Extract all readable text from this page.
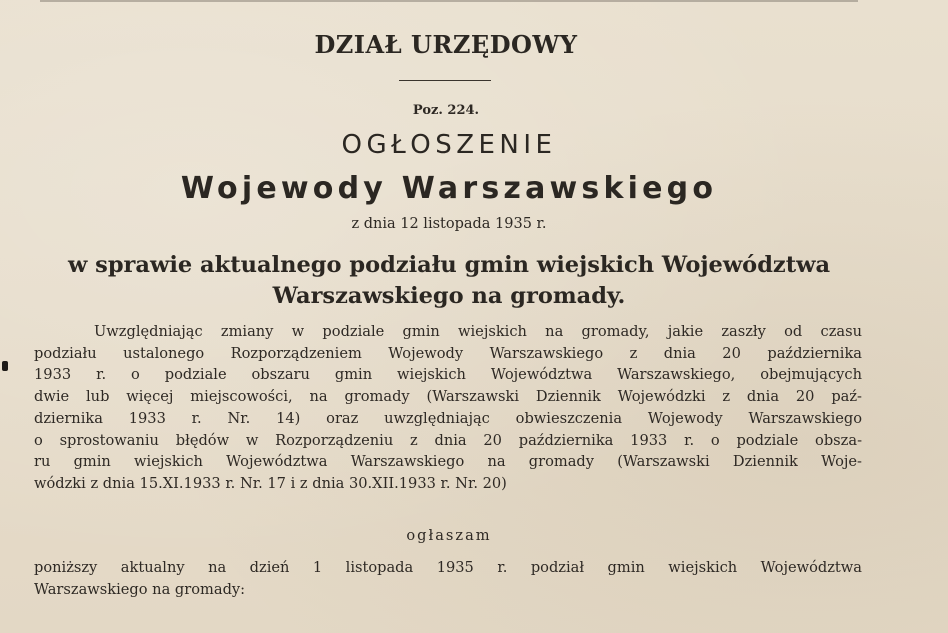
DZIAŁ URZĘDOWY
Poz. 224.
OGŁOSZENIE
Wojewody Warszawskiego
z dnia 12 listopada 1935 r.
w sprawie aktualnego podziału gmin wiejskich Województwa
Warszawskiego na gromady.
Uwzględniając zmiany w podziale gmin wiejskich na gromady, jakie zaszły od czasu
podziału ustalonego Rozporządzeniem Wojewody Warszawskiego z dnia 20 października
1933 r. o podziale obszaru gmin wiejskich Województwa Warszawskiego, obejmujących
dwie lub więcej miejscowości, na gromady (Warszawski Dziennik Wojewódzki z dnia 20 paź-
dziernika 1933 r. Nr. 14) oraz uwzględniając obwieszczenia Wojewody Warszawskiego
o sprostowaniu błędów w Rozporządzeniu z dnia 20 października 1933 r. o podziale obsza-
ru gmin wiejskich Województwa Warszawskiego na gromady (Warszawski Dziennik Woje-
wódzki z dnia 15.XI.1933 r. Nr. 17 i z dnia 30.XII.1933 r. Nr. 20)
ogłaszam
poniższy aktualny na dzień 1 listopada 1935 r. podział gmin wiejskich Województwa
Warszawskiego na gromady:
